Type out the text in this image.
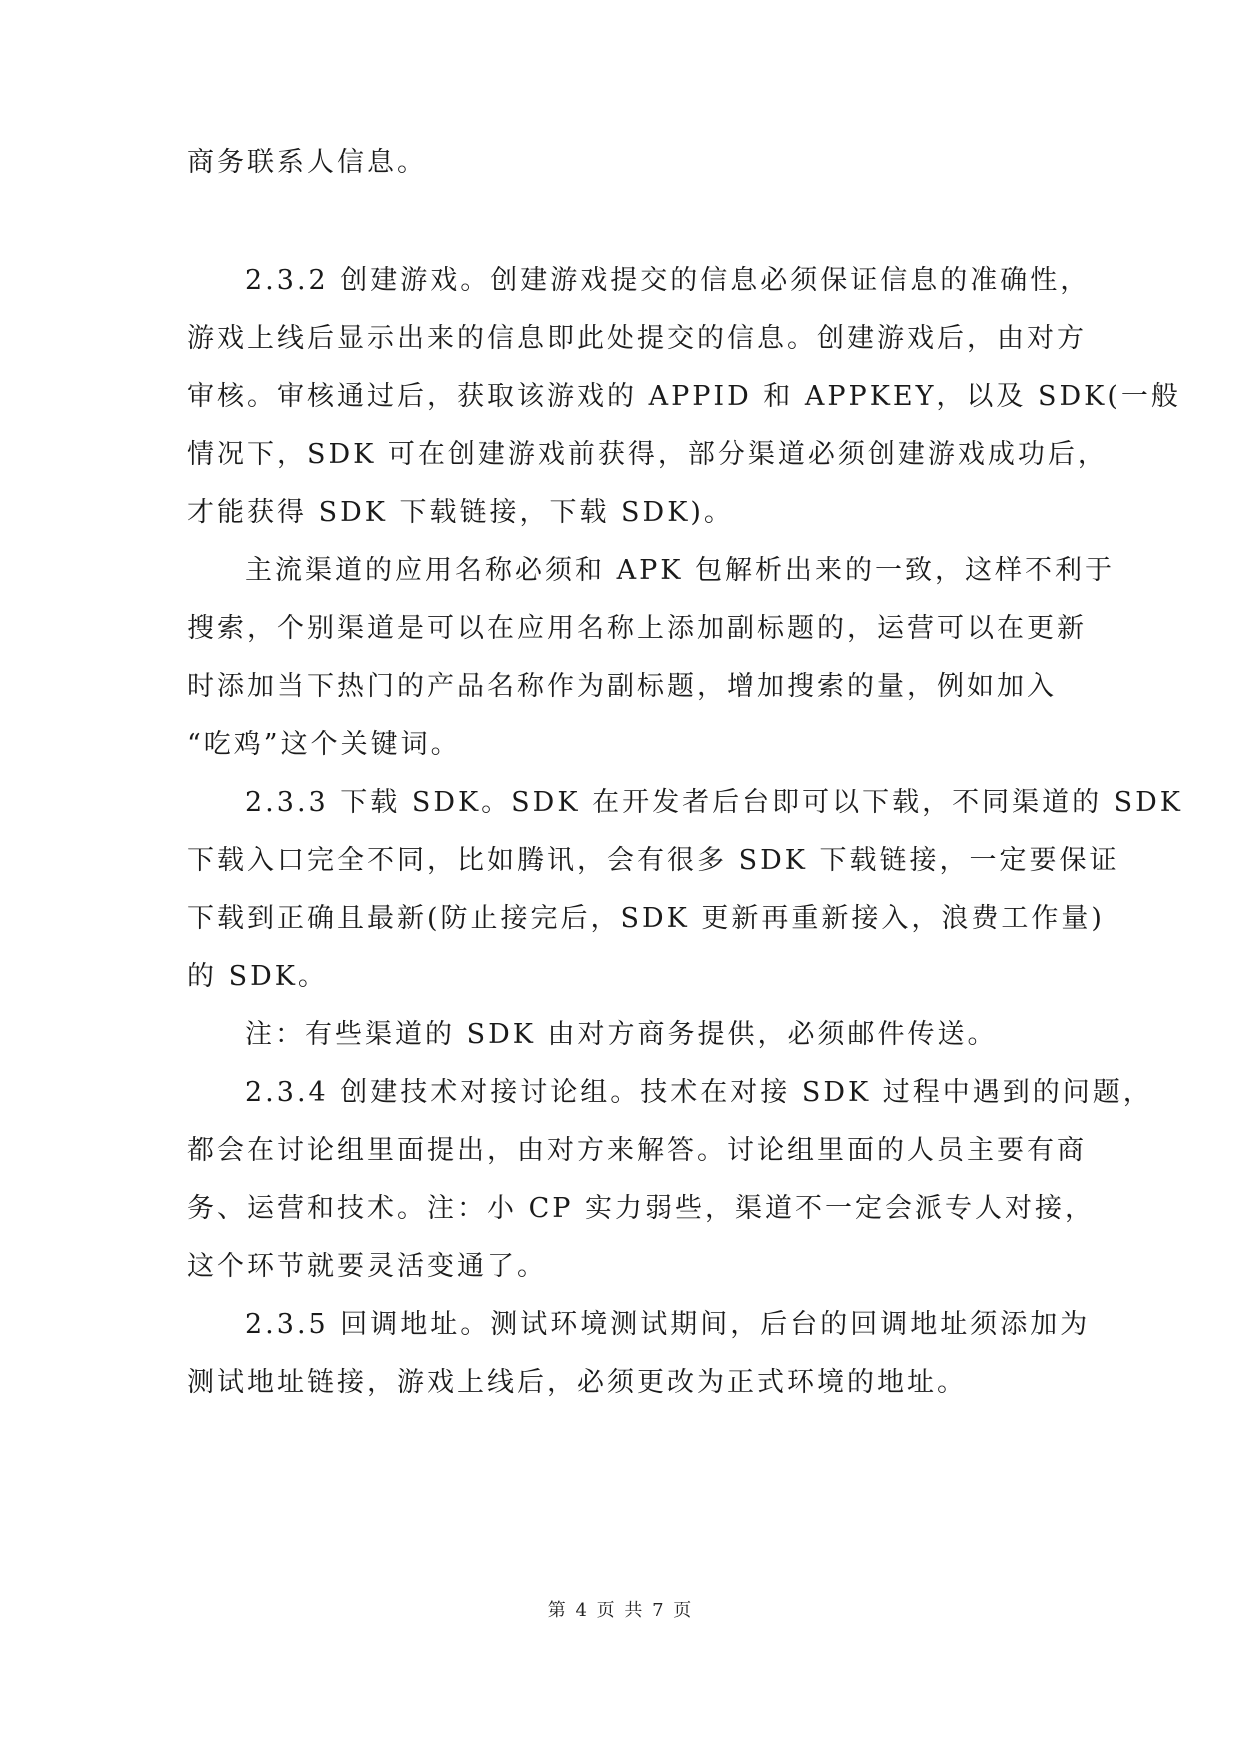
商务联系人信息。
2.3.2 创建游戏。创建游戏提交的信息必须保证信息的准确性，
游戏上线后显示出来的信息即此处提交的信息。创建游戏后，由对方
审核。审核通过后，获取该游戏的 APPID 和 APPKEY，以及 SDK(一般
情况下，SDK 可在创建游戏前获得，部分渠道必须创建游戏成功后，
才能获得 SDK 下载链接，下载 SDK)。
主流渠道的应用名称必须和 APK 包解析出来的一致，这样不利于
搜索，个别渠道是可以在应用名称上添加副标题的，运营可以在更新
时添加当下热门的产品名称作为副标题，增加搜索的量，例如加入
“吃鸡”这个关键词。
2.3.3 下载 SDK。SDK 在开发者后台即可以下载，不同渠道的 SDK
下载入口完全不同，比如腾讯，会有很多 SDK 下载链接，一定要保证
下载到正确且最新(防止接完后，SDK 更新再重新接入，浪费工作量)
的 SDK。
注：有些渠道的 SDK 由对方商务提供，必须邮件传送。
2.3.4 创建技术对接讨论组。技术在对接 SDK 过程中遇到的问题，
都会在讨论组里面提出，由对方来解答。讨论组里面的人员主要有商
务、运营和技术。注：小 CP 实力弱些，渠道不一定会派专人对接，
这个环节就要灵活变通了。
2.3.5 回调地址。测试环境测试期间，后台的回调地址须添加为
测试地址链接，游戏上线后，必须更改为正式环境的地址。
第 4 页 共 7 页
